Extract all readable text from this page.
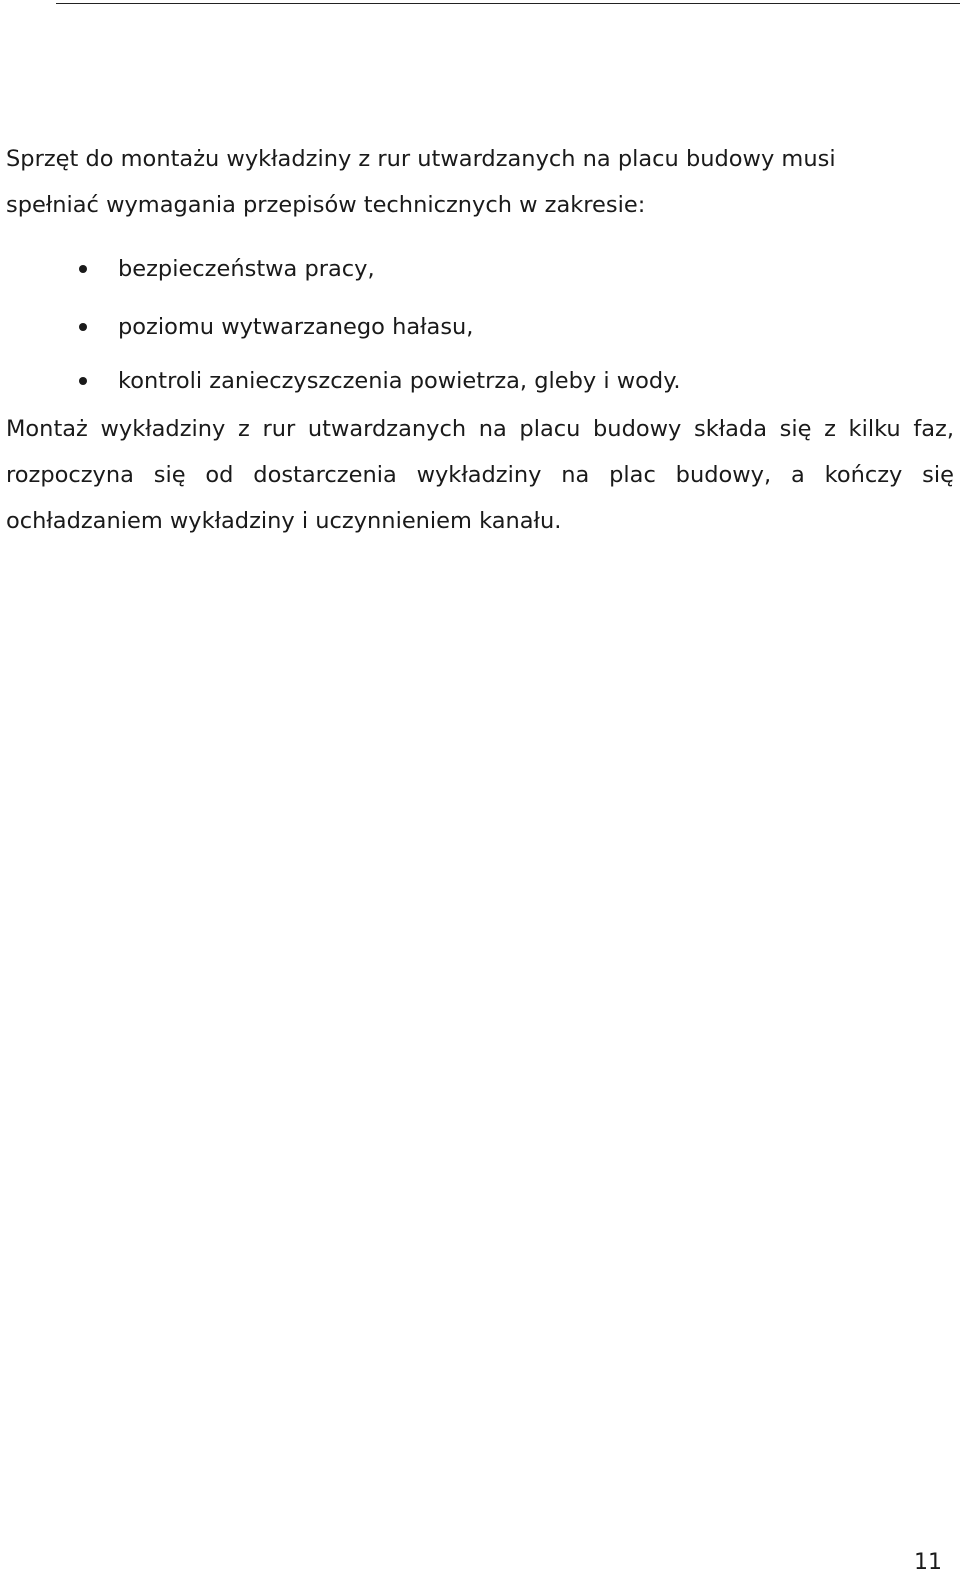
Sprzęt do montażu wykładziny z rur utwardzanych na placu budowy musi
spełniać wymagania przepisów technicznych w zakresie:
bezpieczeństwa pracy,
poziomu wytwarzanego hałasu,
kontroli zanieczyszczenia powietrza, gleby i wody.
Montaż wykładziny z rur utwardzanych na placu budowy składa się z kilku faz,
rozpoczyna się od dostarczenia wykładziny na plac budowy, a kończy się
ochładzaniem wykładziny i uczynnieniem kanału.
11
